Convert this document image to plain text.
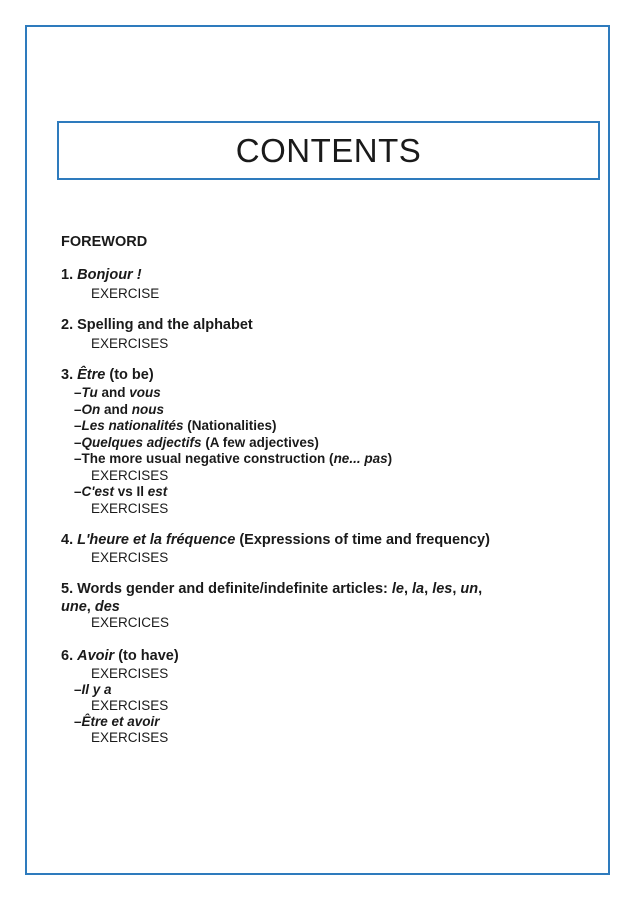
CONTENTS
FOREWORD
1. Bonjour !
EXERCISE
2. Spelling and the alphabet
EXERCISES
3. Être (to be)
–Tu and vous
–On and nous
–Les nationalités (Nationalities)
–Quelques adjectifs (A few adjectives)
–The more usual negative construction (ne... pas)
EXERCISES
–C'est vs Il est
EXERCISES
4. L'heure et la fréquence (Expressions of time and frequency)
EXERCISES
5. Words gender and definite/indefinite articles: le, la, les, un,
une, des
EXERCICES
6. Avoir (to have)
EXERCISES
–Il y a
EXERCISES
–Être et avoir
EXERCISES
